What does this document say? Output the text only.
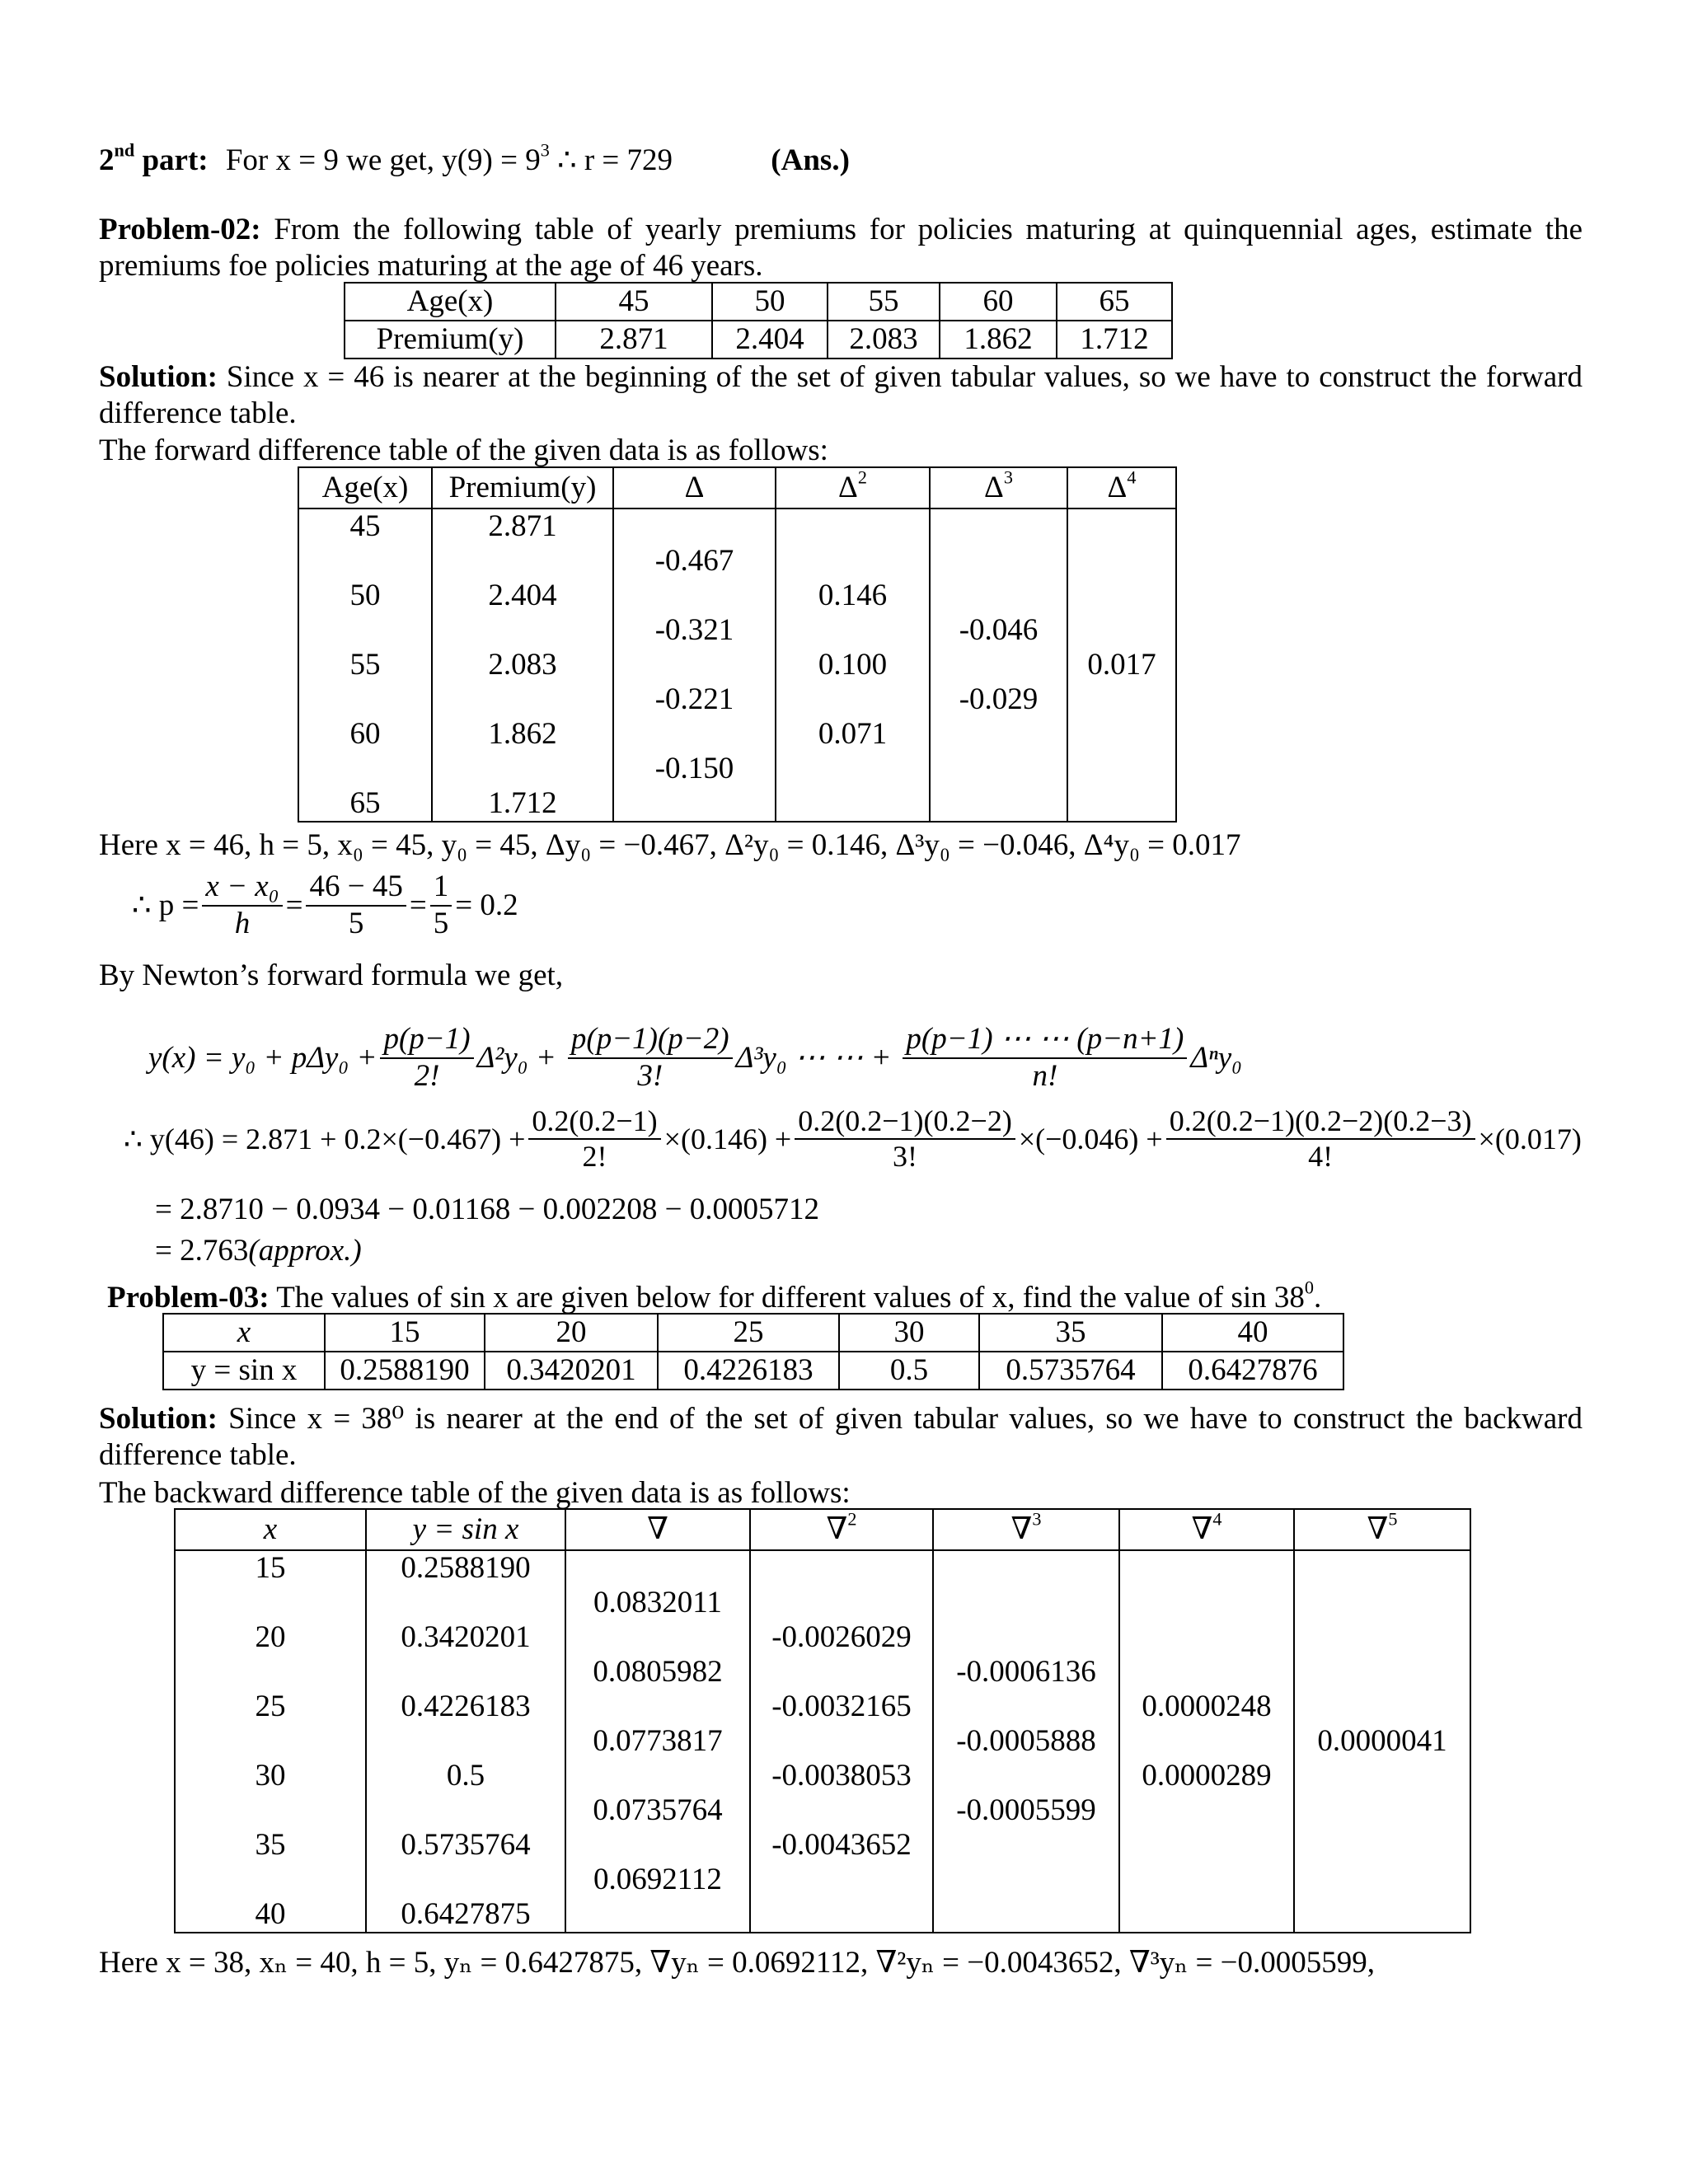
2nd part: For x = 9 we get, $y(9) = 9^3$ ∴ r = 729	(Ans.)
Problem-02: From the following table of yearly premiums for policies maturing at quinquennial ages, estimate the premiums foe policies maturing at the age of 46 years.
Age(x)	45	50	55	60	65
Premium(y)	2.871	2.404	2.083	1.862	1.712
Solution: Since x = 46 is nearer at the beginning of the set of given tabular values, so we have to construct the forward difference table.
The forward difference table of the given data is as follows:
Age(x)	Premium(y)	Δ	$\Delta^2$	$\Delta^3$	$\Delta^4$
45	2.871				
		-0.467			
50	2.404		0.146		
		-0.321		-0.046	
55	2.083		0.100		0.017
		-0.221		-0.029	
60	1.862		0.071		
		-0.150			
65	1.712				
Here x = 46, h = 5, x₀ = 45, y₀ = 45, Δy₀ = −0.467, Δ²y₀ = 0.146, Δ³y₀ = −0.046, Δ⁴y₀ = 0.017
∴ $p = \frac{\text{x − x₀}}{h} = \frac{46 - 45}{5} = \frac{1}{5} = 0.2$
By Newton’s forward formula we get,
$y(x) = y_0 + p\Delta y_0 + \frac{p(p-1)}{2!} \Delta^2y_0 + \frac{p(p-1)(p-2)}{3!} \Delta^3y_0$ ⋯ ⋯ + $\frac{p(p-1) \cdots \cdots (p-n+1)}{n!} \Delta^ny_0$
∴ $y(46) = 2.871 + 0.2\times(-0.467) + \frac{0.2(0.2-1)}{2!} \times(0.146) + \frac{0.2(0.2-1)(0.2-2)}{3!} \times(-0.046) + \frac{0.2(0.2-1)(0.2-2)(0.2-3)}{4!} \times(0.017)$
= 2.8710 − 0.0934 − 0.01168 − 0.002208 − 0.0005712
= 2.763(approx.)
Problem-03: The values of sin x are given below for different values of x, find the value of $\sin 38^0$.
x	15	20	25	30	35	40
y = sin x	0.2588190	0.3420201	0.4226183	0.5	0.5735764	0.6427876
Solution: Since x = 38⁰ is nearer at the end of the set of given tabular values, so we have to construct the backward difference table.
The backward difference table of the given data is as follows:
x	y = sin x	∇	∇$^2$	∇$^3$	∇$^4$	∇$^5$
15	0.2588190					
		0.0832011				
20	0.3420201		-0.0026029			
		0.0805982		-0.0006136		
25	0.4226183		-0.0032165		0.0000248	
		0.0773817		-0.0005888		0.0000041
30	0.5		-0.0038053		0.0000289	
		0.0735764		-0.0005599		
35	0.5735764		-0.0043652			
		0.0692112				
40	0.6427875					
Here x = 38, xₙ = 40, h = 5, yₙ = 0.6427875, ∇yₙ = 0.0692112, ∇²yₙ = −0.0043652, ∇³yₙ = −0.0005599,
